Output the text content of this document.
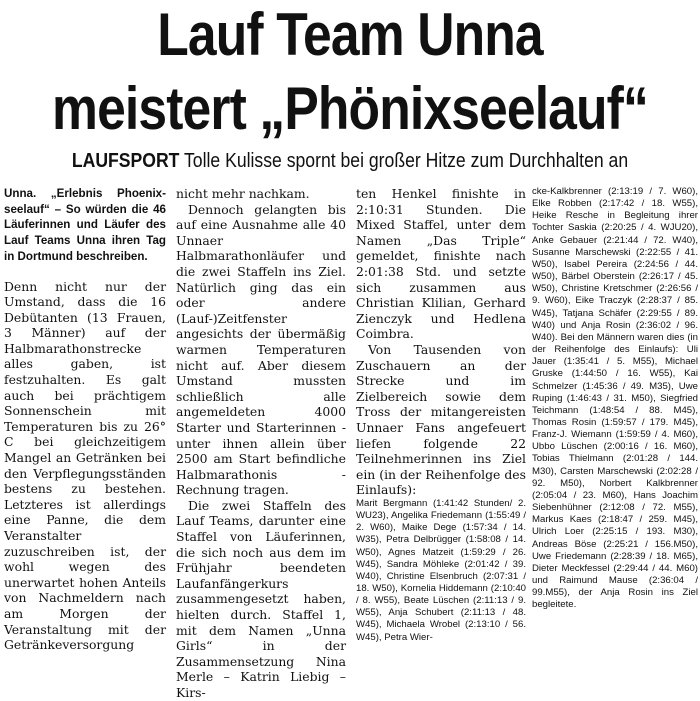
Lauf Team Unna
meistert „Phönixseelauf“
LAUFSPORT Tolle Kulisse spornt bei großer Hitze zum Durchhalten an

Unna. „Erlebnis Phoenix-seelauf“ – So würden die 46 Läuferinnen und Läufer des Lauf Teams Unna ihren Tag in Dortmund beschreiben.

Denn nicht nur der Umstand, dass die 16 Debütanten (13 Frauen, 3 Männer) auf der Halbmarathonstrecke alles gaben, ist festzuhalten. Es galt auch bei prächtigem Sonnenschein mit Temperaturen bis zu 26° C bei gleichzeitigem Mangel an Getränken bei den Verpflegungsständen bestens zu bestehen. Letzteres ist allerdings eine Panne, die dem Veranstalter zuzuschreiben ist, der wohl wegen des unerwartet hohen Anteils von Nachmeldern nach am Morgen der Veranstaltung mit der Getränkeversorgung

nicht mehr nachkam.

Dennoch gelangten bis auf eine Ausnahme alle 40 Unnaer Halbmarathonläufer und die zwei Staffeln ins Ziel. Natürlich ging das ein oder andere (Lauf-)Zeitfenster angesichts der übermäßig warmen Temperaturen nicht auf. Aber diesem Umstand mussten schließlich alle angemeldeten 4000 Starter und Starterinnen - unter ihnen allein über 2500 am Start befindliche Halbmarathonis - Rechnung tragen.

Die zwei Staffeln des Lauf Teams, darunter eine Staffel von Läuferinnen, die sich noch aus dem im Frühjahr beendeten Laufanfängerkurs zusammengesetzt haben, hielten durch. Staffel 1, mit dem Namen „Unna Girls“ in der Zusammensetzung Nina Merle – Katrin Liebig – Kirs-

ten Henkel finishte in 2:10:31 Stunden. Die Mixed Staffel, unter dem Namen „Das Triple“ gemeldet, finishte nach 2:01:38 Std. und setzte sich zusammen aus Christian Klilian, Gerhard Zienczyk und Hedlena Coimbra.

Von Tausenden von Zuschauern an der Strecke und im Zielbereich sowie dem Tross der mitangereisten Unnaer Fans angefeuert liefen folgende 22 Teilnehmerinnen ins Ziel ein (in der Reihenfolge des Einlaufs):

Marit Bergmann (1:41:42 Stunden/ 2. WU23), Angelika Friedemann (1:55:49 / 2. W60), Maike Dege (1:57:34 / 14. W35), Petra Delbrügger (1:58:08 / 14. W50), Agnes Matzeit (1:59:29 / 26. W45), Sandra Möhleke (2:01:42 / 39. W40), Christine Elsenbruch (2:07:31 / 18. W50), Kornelia Hiddemann (2:10:40 / 8. W55), Beate Lüschen (2:11:13 / 9. W55), Anja Schubert (2:11:13 / 48. W45), Michaela Wrobel (2:13:10 / 56. W45), Petra Wier-

cke-Kalkbrenner (2:13:19 / 7. W60), Elke Robben (2:17:42 / 18. W55), Heike Resche in Begleitung ihrer Tochter Saskia (2:20:25 / 4. WJU20), Anke Gebauer (2:21:44 / 72. W40), Susanne Marschewski (2:22:55 / 41. W50), Isabel Pereira (2:24:56 / 44. W50), Bärbel Oberstein (2:26:17 / 45. W50), Christine Kretschmer (2:26:56 / 9. W60), Eike Traczyk (2:28:37 / 85. W45), Tatjana Schäfer (2:29:55 / 89. W40) und Anja Rosin (2:36:02 / 96. W40). Bei den Männern waren dies (in der Reihenfolge des Einlaufs): Uli Jauer (1:35:41 / 5. M55), Michael Gruske (1:44:50 / 16. W55), Kai Schmelzer (1:45:36 / 49. M35), Uwe Ruping (1:46:43 / 31. M50), Siegfried Teichmann (1:48:54 / 88. M45), Thomas Rosin (1:59:57 / 179. M45), Franz-J. Wiemann (1:59:59 / 4. M60), Ubbo Lüschen (2:00:16 / 16. M60), Tobias Thielmann (2:01:28 / 144. M30), Carsten Marschewski (2:02:28 / 92. M50), Norbert Kalkbrenner (2:05:04 / 23. M60), Hans Joachim Siebenhühner (2:12:08 / 72. M55), Markus Kaes (2:18:47 / 259. M45), Ulrich Loer (2:25:15 / 193. M30), Andreas Böse (2:25:21 / 156.M50), Uwe Friedemann (2:28:39 / 18. M65), Dieter Meckfessel (2:29:44 / 44. M60) und Raimund Mause (2:36:04 / 99.M55), der Anja Rosin ins Ziel begleitete.
